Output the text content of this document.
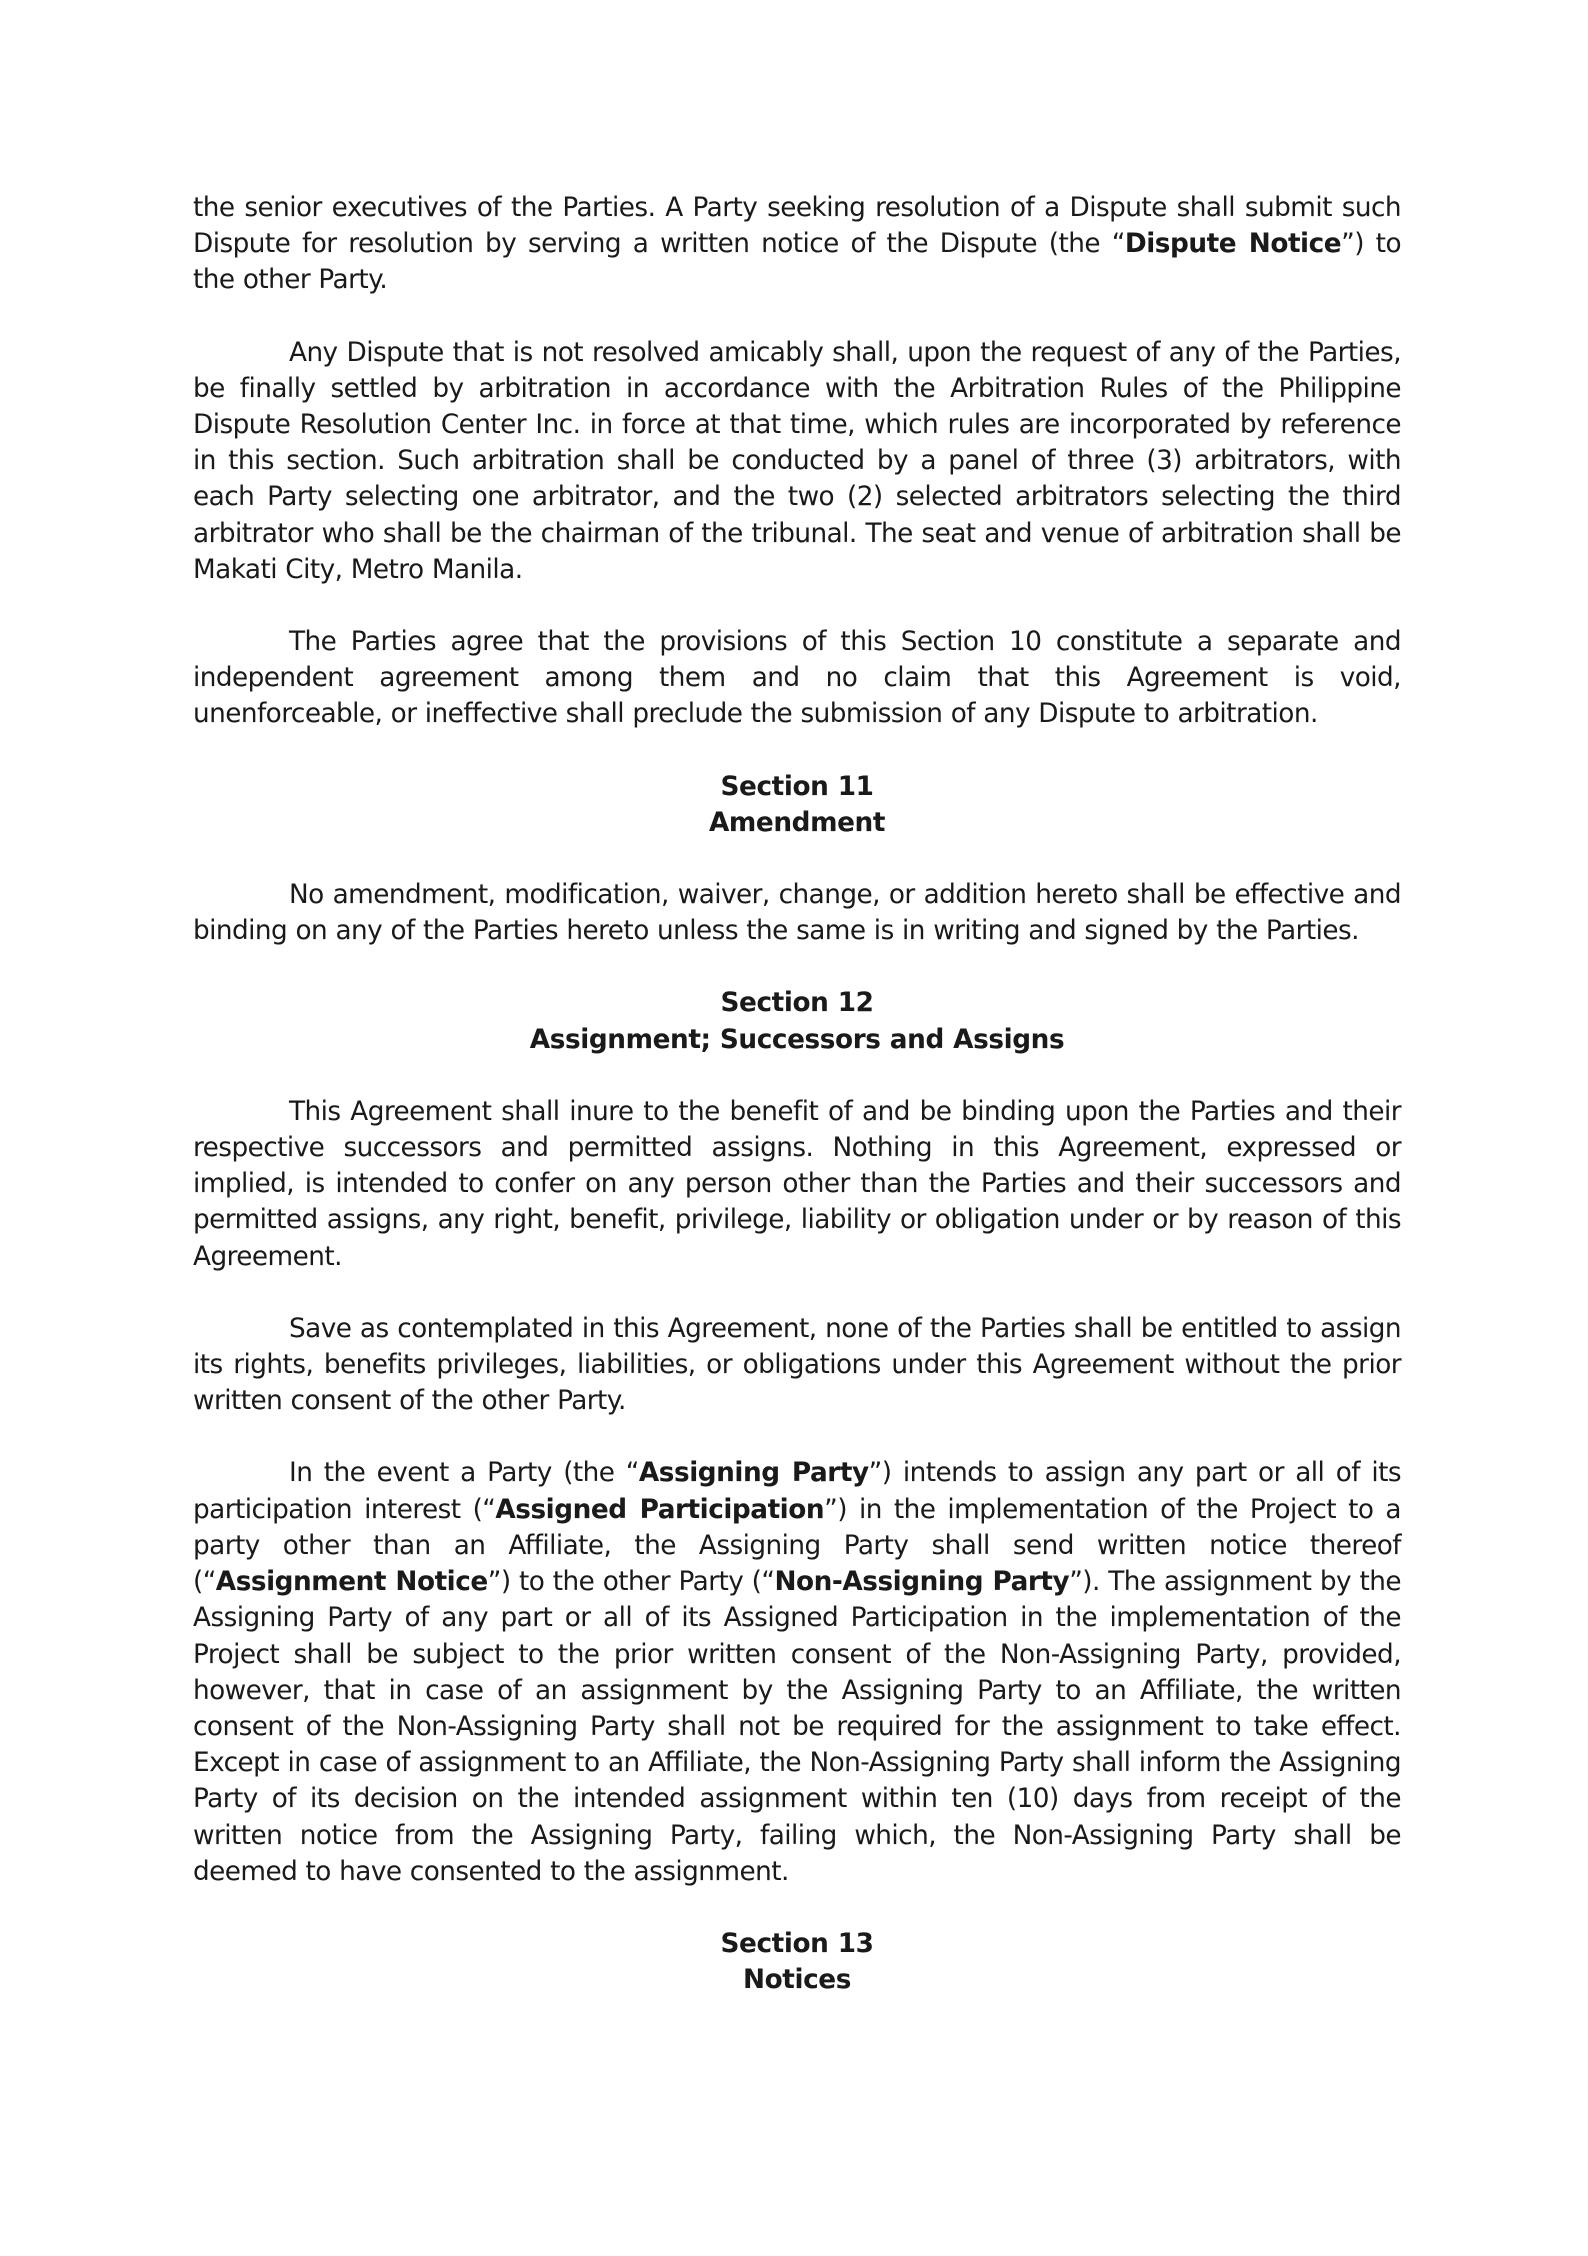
the senior executives of the Parties. A Party seeking resolution of a Dispute shall submit such Dispute for resolution by serving a written notice of the Dispute (the “Dispute Notice”) to the other Party.

Any Dispute that is not resolved amicably shall, upon the request of any of the Parties, be finally settled by arbitration in accordance with the Arbitration Rules of the Philippine Dispute Resolution Center Inc. in force at that time, which rules are incorporated by reference in this section. Such arbitration shall be conducted by a panel of three (3) arbitrators, with each Party selecting one arbitrator, and the two (2) selected arbitrators selecting the third arbitrator who shall be the chairman of the tribunal. The seat and venue of arbitration shall be Makati City, Metro Manila.

The Parties agree that the provisions of this Section 10 constitute a separate and independent agreement among them and no claim that this Agreement is void, unenforceable, or ineffective shall preclude the submission of any Dispute to arbitration.

Section 11
Amendment

No amendment, modification, waiver, change, or addition hereto shall be effective and binding on any of the Parties hereto unless the same is in writing and signed by the Parties.

Section 12
Assignment; Successors and Assigns

This Agreement shall inure to the benefit of and be binding upon the Parties and their respective successors and permitted assigns. Nothing in this Agreement, expressed or implied, is intended to confer on any person other than the Parties and their successors and permitted assigns, any right, benefit, privilege, liability or obligation under or by reason of this Agreement.

Save as contemplated in this Agreement, none of the Parties shall be entitled to assign its rights, benefits privileges, liabilities, or obligations under this Agreement without the prior written consent of the other Party.

In the event a Party (the “Assigning Party”) intends to assign any part or all of its participation interest (“Assigned Participation”) in the implementation of the Project to a party other than an Affiliate, the Assigning Party shall send written notice thereof (“Assignment Notice”) to the other Party (“Non-Assigning Party”). The assignment by the Assigning Party of any part or all of its Assigned Participation in the implementation of the Project shall be subject to the prior written consent of the Non-Assigning Party, provided, however, that in case of an assignment by the Assigning Party to an Affiliate, the written consent of the Non-Assigning Party shall not be required for the assignment to take effect. Except in case of assignment to an Affiliate, the Non-Assigning Party shall inform the Assigning Party of its decision on the intended assignment within ten (10) days from receipt of the written notice from the Assigning Party, failing which, the Non-Assigning Party shall be deemed to have consented to the assignment.

Section 13
Notices
